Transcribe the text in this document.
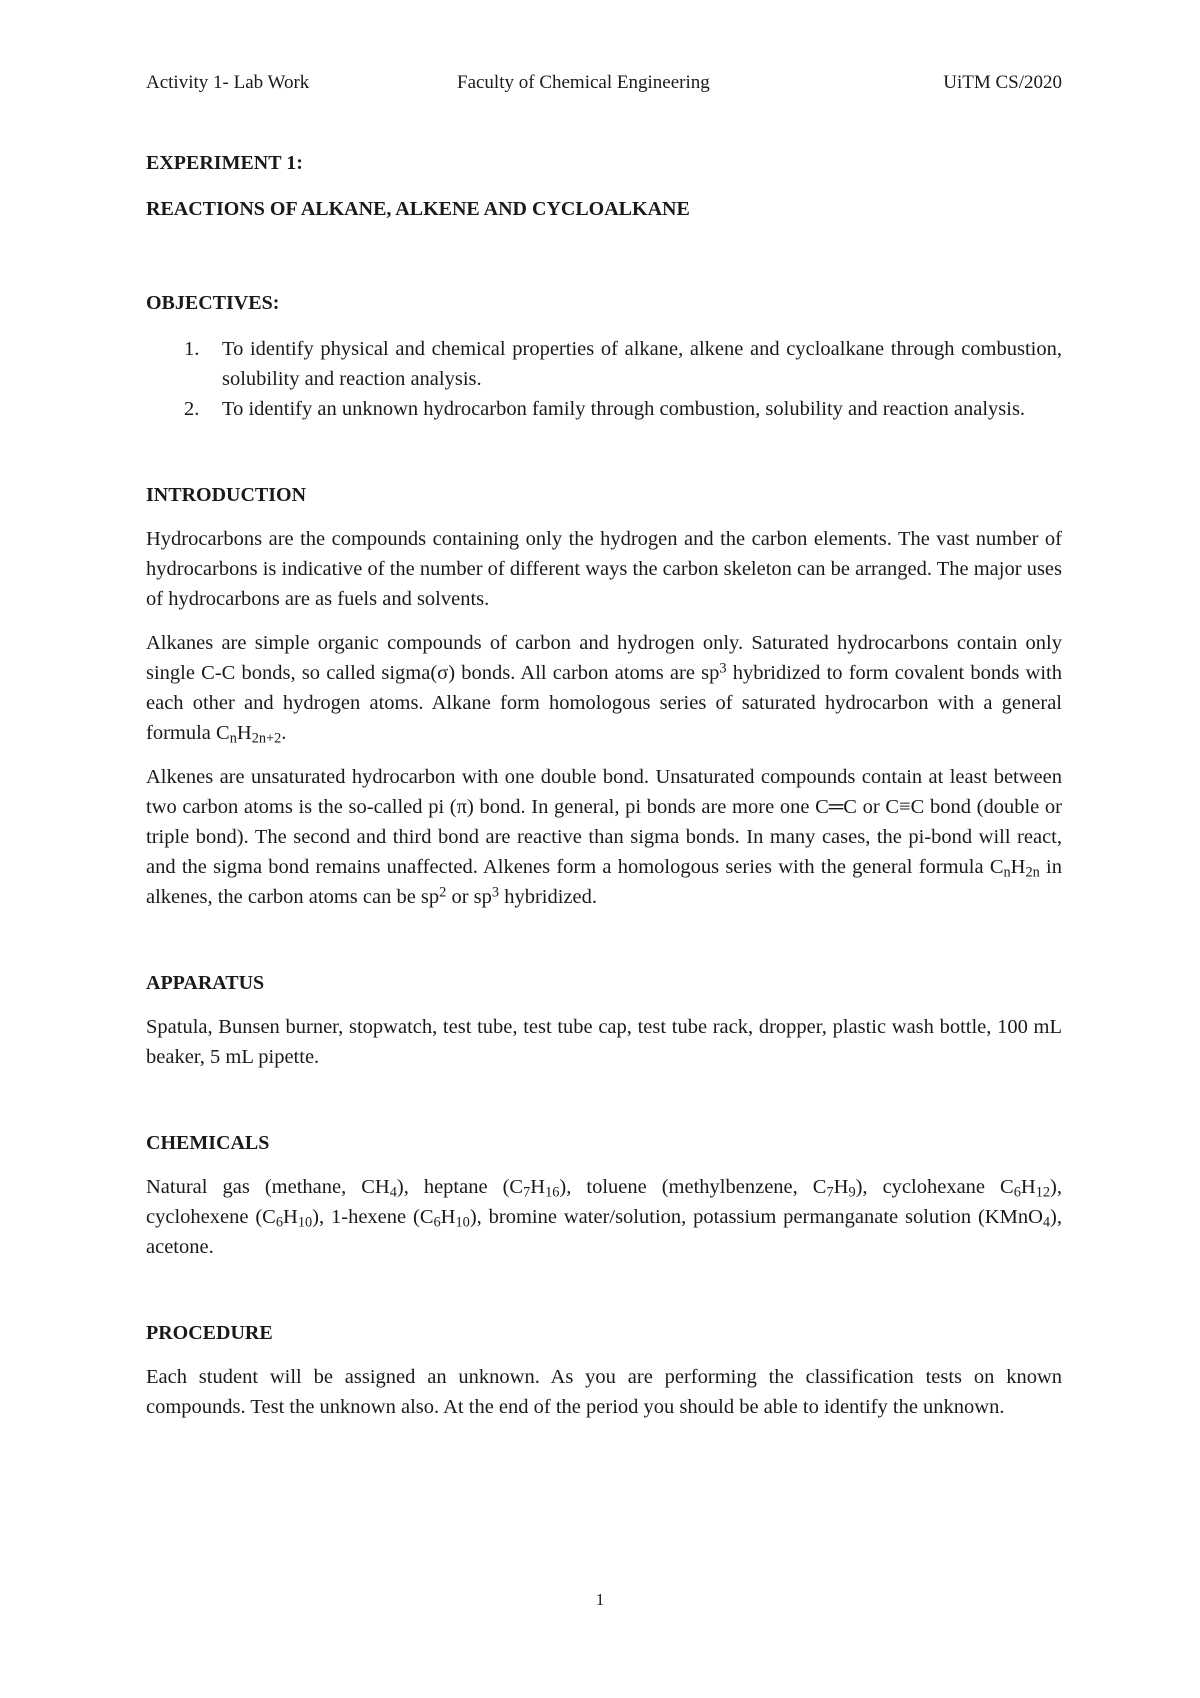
Activity 1- Lab Work	Faculty of Chemical Engineering	UiTM CS/2020

EXPERIMENT 1:

REACTIONS OF ALKANE, ALKENE AND CYCLOALKANE

OBJECTIVES:

1.	To identify physical and chemical properties of alkane, alkene and cycloalkane through combustion, solubility and reaction analysis.
2.	To identify an unknown hydrocarbon family through combustion, solubility and reaction analysis.

INTRODUCTION

Hydrocarbons are the compounds containing only the hydrogen and the carbon elements. The vast number of hydrocarbons is indicative of the number of different ways the carbon skeleton can be arranged. The major uses of hydrocarbons are as fuels and solvents.

Alkanes are simple organic compounds of carbon and hydrogen only. Saturated hydrocarbons contain only single C-C bonds, so called sigma(σ) bonds. All carbon atoms are $sp^3$ hybridized to form covalent bonds with each other and hydrogen atoms. Alkane form homologous series of saturated hydrocarbon with a general formula $C_nH_{2n+2}$.

Alkenes are unsaturated hydrocarbon with one double bond. Unsaturated compounds contain at least between two carbon atoms is the so-called pi (π) bond. In general, pi bonds are more one C═C or C≡C bond (double or triple bond). The second and third bond are reactive than sigma bonds. In many cases, the pi-bond will react, and the sigma bond remains unaffected. Alkenes form a homologous series with the general formula $C_nH_{2n}$ in alkenes, the carbon atoms can be $sp^2$ or $sp^3$ hybridized.

APPARATUS

Spatula, Bunsen burner, stopwatch, test tube, test tube cap, test tube rack, dropper, plastic wash bottle, 100 mL beaker, 5 mL pipette.

CHEMICALS

Natural gas (methane, $CH_4$), heptane $(C_7H_{16})$, toluene (methylbenzene, $C_7H_9$), cyclohexane $C_6H_{12}$), cyclohexene $(C_6H_{10})$, 1-hexene $(C_6H_{10})$, bromine water/solution, potassium permanganate solution (KMnO$_4$), acetone.

PROCEDURE

Each student will be assigned an unknown. As you are performing the classification tests on known compounds. Test the unknown also. At the end of the period you should be able to identify the unknown.

1
